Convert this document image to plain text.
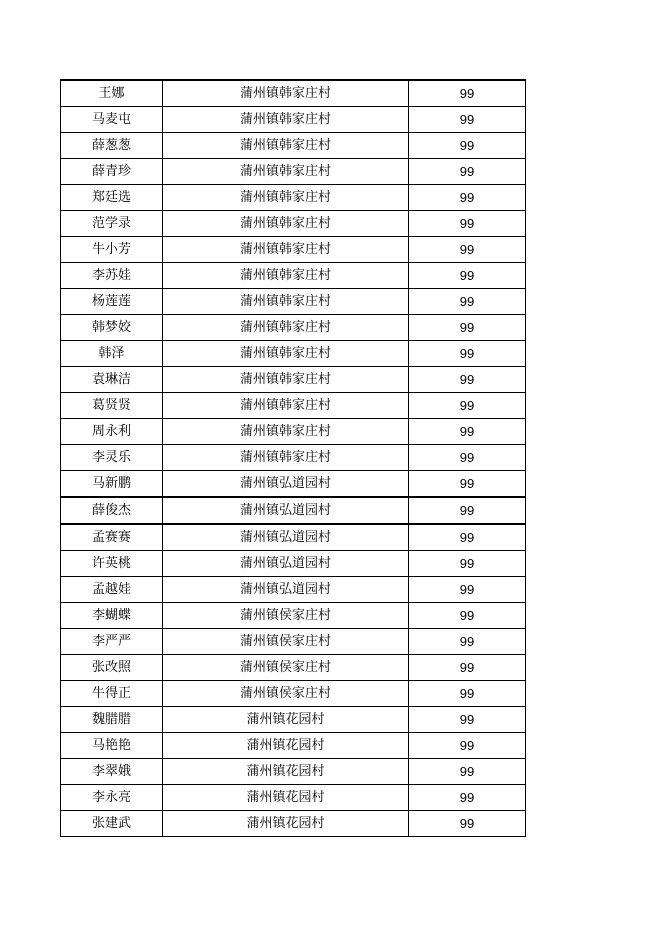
王娜	蒲州镇韩家庄村	99
马麦屯	蒲州镇韩家庄村	99
薛葱葱	蒲州镇韩家庄村	99
薛青珍	蒲州镇韩家庄村	99
郑廷选	蒲州镇韩家庄村	99
范学录	蒲州镇韩家庄村	99
牛小芳	蒲州镇韩家庄村	99
李苏娃	蒲州镇韩家庄村	99
杨莲莲	蒲州镇韩家庄村	99
韩梦姣	蒲州镇韩家庄村	99
韩泽	蒲州镇韩家庄村	99
袁琳洁	蒲州镇韩家庄村	99
葛贤贤	蒲州镇韩家庄村	99
周永利	蒲州镇韩家庄村	99
李灵乐	蒲州镇韩家庄村	99
马新鹏	蒲州镇弘道园村	99
薛俊杰	蒲州镇弘道园村	99
孟赛赛	蒲州镇弘道园村	99
许英桃	蒲州镇弘道园村	99
孟越娃	蒲州镇弘道园村	99
李蝴蝶	蒲州镇侯家庄村	99
李严严	蒲州镇侯家庄村	99
张改照	蒲州镇侯家庄村	99
牛得正	蒲州镇侯家庄村	99
魏腊腊	蒲州镇花园村	99
马艳艳	蒲州镇花园村	99
李翠娥	蒲州镇花园村	99
李永亮	蒲州镇花园村	99
张建武	蒲州镇花园村	99
